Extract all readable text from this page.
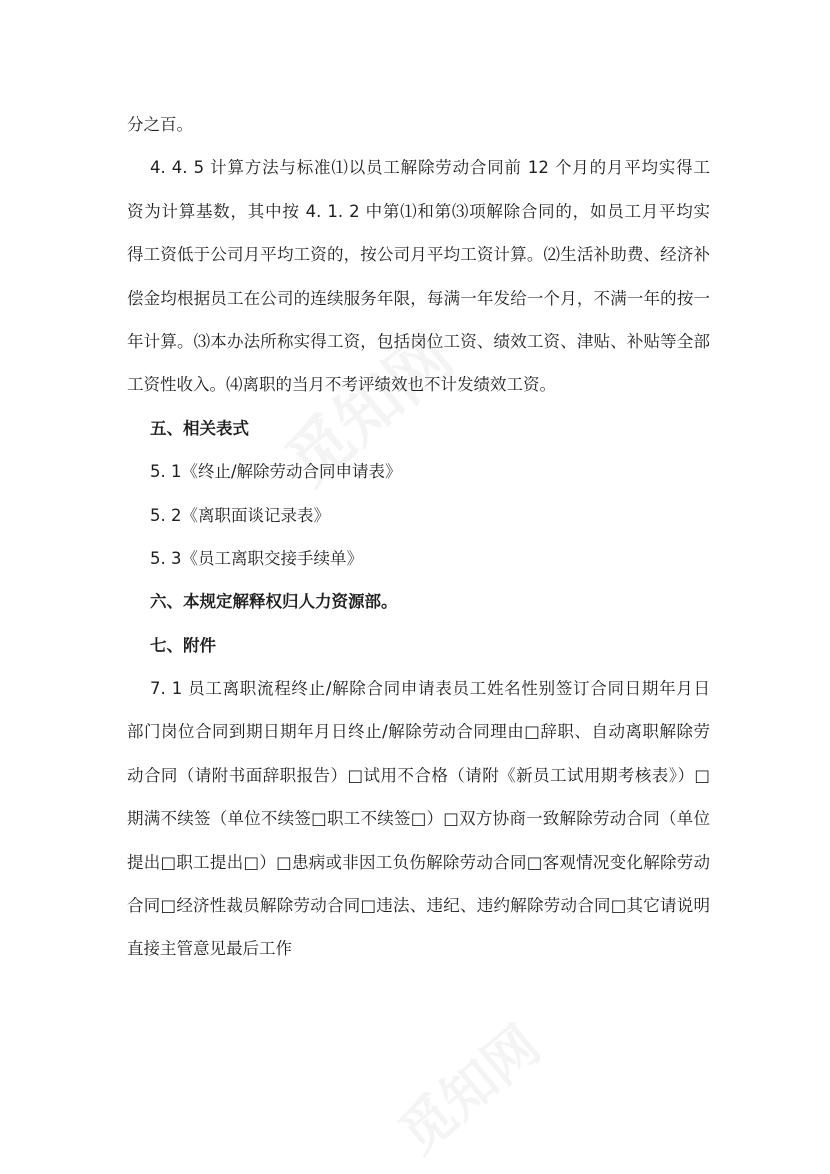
分之百。
4. 4. 5 计算方法与标准⑴以员工解除劳动合同前 12 个月的月平均实得工
资为计算基数，其中按 4. 1. 2 中第⑴和第⑶项解除合同的，如员工月平均实
得工资低于公司月平均工资的，按公司月平均工资计算。⑵生活补助费、经济补
偿金均根据员工在公司的连续服务年限，每满一年发给一个月，不满一年的按一
年计算。⑶本办法所称实得工资，包括岗位工资、绩效工资、津贴、补贴等全部
工资性收入。⑷离职的当月不考评绩效也不计发绩效工资。
五、相关表式
5. 1《终止/解除劳动合同申请表》
5. 2《离职面谈记录表》
5. 3《员工离职交接手续单》
六、本规定解释权归人力资源部。
七、附件
7. 1 员工离职流程终止/解除合同申请表员工姓名性别签订合同日期年月日
部门岗位合同到期日期年月日终止/解除劳动合同理由□辞职、自动离职解除劳
动合同（请附书面辞职报告）□试用不合格（请附《新员工试用期考核表》）□
期满不续签（单位不续签□职工不续签□）□双方协商一致解除劳动合同（单位
提出□职工提出□）□患病或非因工负伤解除劳动合同□客观情况变化解除劳动
合同□经济性裁员解除劳动合同□违法、违纪、违约解除劳动合同□其它请说明
直接主管意见最后工作
